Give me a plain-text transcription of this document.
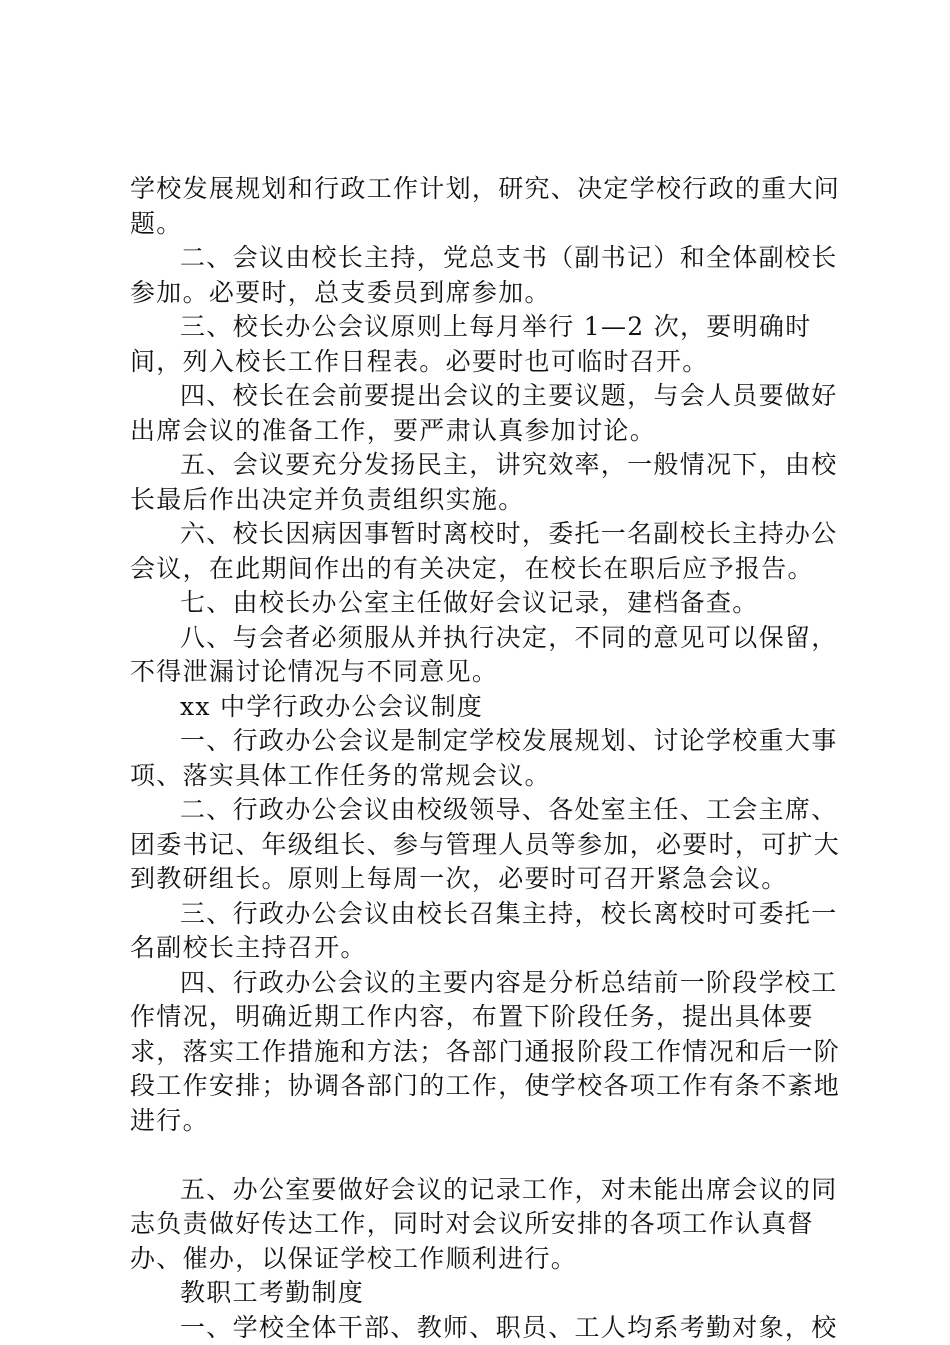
学校发展规划和行政工作计划，研究、决定学校行政的重大问题。

二、会议由校长主持，党总支书（副书记）和全体副校长参加。必要时，总支委员到席参加。

三、校长办公会议原则上每月举行 1—2 次，要明确时间，列入校长工作日程表。必要时也可临时召开。

四、校长在会前要提出会议的主要议题，与会人员要做好出席会议的准备工作，要严肃认真参加讨论。

五、会议要充分发扬民主，讲究效率，一般情况下，由校长最后作出决定并负责组织实施。

六、校长因病因事暂时离校时，委托一名副校长主持办公会议，在此期间作出的有关决定，在校长在职后应予报告。

七、由校长办公室主任做好会议记录，建档备查。

八、与会者必须服从并执行决定，不同的意见可以保留，不得泄漏讨论情况与不同意见。

xx 中学行政办公会议制度

一、行政办公会议是制定学校发展规划、讨论学校重大事项、落实具体工作任务的常规会议。

二、行政办公会议由校级领导、各处室主任、工会主席、团委书记、年级组长、参与管理人员等参加，必要时，可扩大到教研组长。原则上每周一次，必要时可召开紧急会议。

三、行政办公会议由校长召集主持，校长离校时可委托一名副校长主持召开。

四、行政办公会议的主要内容是分析总结前一阶段学校工作情况，明确近期工作内容，布置下阶段任务，提出具体要求，落实工作措施和方法；各部门通报阶段工作情况和后一阶段工作安排；协调各部门的工作，使学校各项工作有条不紊地进行。

五、办公室要做好会议的记录工作，对未能出席会议的同志负责做好传达工作，同时对会议所安排的各项工作认真督办、催办，以保证学校工作顺利进行。

教职工考勤制度

一、学校全体干部、教师、职员、工人均系考勤对象，校
